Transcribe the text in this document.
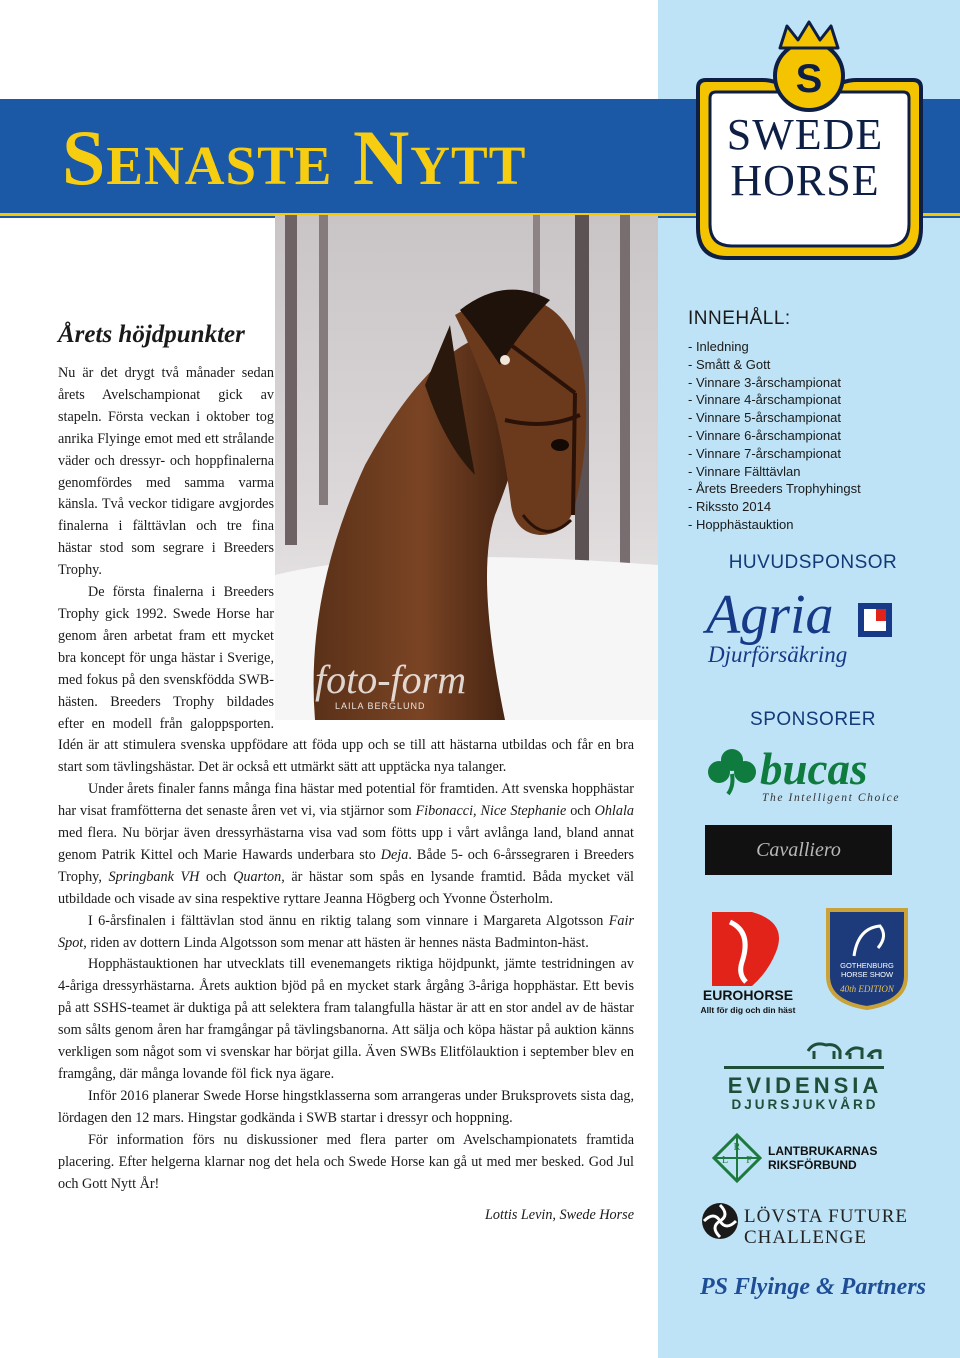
Senaste Nytt
S
SWEDE
HORSE
foto-form
LAILA BERGLUND
Årets höjdpunkter

Nu är det drygt två månader sedan årets Avelschampionat gick av stapeln. Första veckan i oktober tog anrika Flyinge emot med ett strålande väder och dressyr- och hoppfinalerna genomfördes med samma varma känsla. Två veckor tidigare avgjordes finalerna i fälttävlan och tre fina hästar stod som segrare i Breeders Trophy.

De första finalerna i Breeders Trophy gick 1992. Swede Horse har genom åren arbetat fram ett mycket bra koncept för unga hästar i Sverige, med fokus på den svenskfödda SWB-hästen. Breeders Trophy bildades efter en modell från galoppsporten. Idén är att stimulera svenska uppfödare att föda upp och se till att hästarna utbildas och får en bra start som tävlingshästar. Det är också ett utmärkt sätt att upptäcka nya talanger.

Under årets finaler fanns många fina hästar med potential för framtiden. Att svenska hopphästar har visat framfötterna det senaste åren vet vi, via stjärnor som Fibonacci, Nice Stephanie och Ohlala med flera. Nu börjar även dressyrhästarna visa vad som fötts upp i vårt avlånga land, bland annat genom Patrik Kittel och Marie Hawards underbara sto Deja. Både 5- och 6-årssegraren i Breeders Trophy, Springbank VH och Quarton, är hästar som spås en lysande framtid. Båda mycket väl utbildade och visade av sina respektive ryttare Jeanna Högberg och Yvonne Österholm.

I 6-årsfinalen i fälttävlan stod ännu en riktig talang som vinnare i Margareta Algotsson Fair Spot, riden av dottern Linda Algotsson som menar att hästen är hennes nästa Badminton-häst.

Hopphästauktionen har utvecklats till evenemangets riktiga höjdpunkt, jämte testridningen av 4-åriga dressyrhästarna. Årets auktion bjöd på en mycket stark årgång 3-åriga hopphästar. Ett bevis på att SSHS-teamet är duktiga på att selektera fram talangfulla hästar är att en stor andel av de hästar som sålts genom åren har framgångar på tävlingsbanorna. Att sälja och köpa hästar på auktion känns verkligen som något som vi svenskar har börjat gilla. Även SWBs Elitfölauktion i september blev en framgång, där många lovande föl fick nya ägare.

Inför 2016 planerar Swede Horse hingstklasserna som arrangeras under Bruksprovets sista dag, lördagen den 12 mars. Hingstar godkända i SWB startar i dressyr och hoppning.

För information förs nu diskussioner med flera parter om Avelschampionatets framtida placering. Efter helgerna klarnar nog det hela och Swede Horse kan gå ut med mer besked. God Jul och Gott Nytt År!

Lottis Levin, Swede Horse
INNEHÅLL:
- Inledning
- Smått & Gott
- Vinnare 3-årschampionat
- Vinnare 4-årschampionat
- Vinnare 5-årschampionat
- Vinnare 6-årschampionat
- Vinnare 7-årschampionat
- Vinnare Fälttävlan
- Årets Breeders Trophyhingst
- Rikssto 2014
- Hopphästauktion
HUVUDSPONSOR
Agria
Djurförsäkring
SPONSORER
bucas
The Intelligent Choice
Cavalliero
EUROHORSE
Allt för dig och din häst
GOTHENBURG
HORSE SHOW
40th EDITION
EVIDENSIA
DJURSJUKVÅRD
R
L F
LANTBRUKARNAS
RIKSFÖRBUND
LÖVSTA FUTURE
CHALLENGE
PS Flyinge & Partners
